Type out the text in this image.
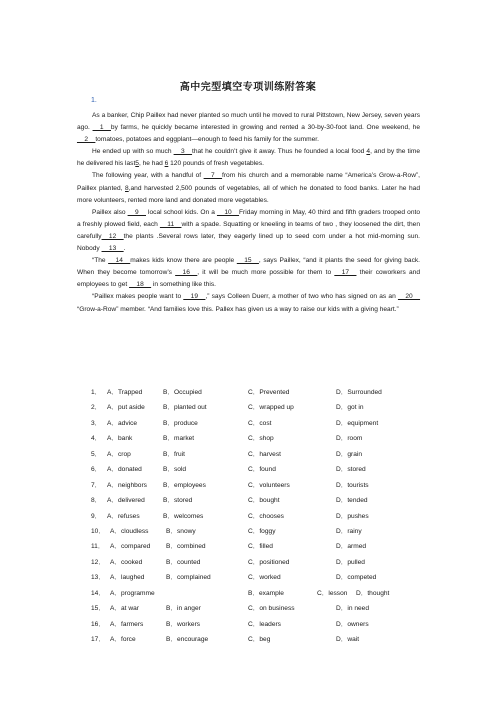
高中完型填空专项训练附答案
1.

As a banker, Chip Paillex had never planted so much until he moved to rural Pittstown, New Jersey, seven years ago. __1__by farms, he quickly became interested in growing and rented a 30-by-30-foot land. One weekend, he __2__tomatoes, potatoes and eggplant—enough to feed his family for the summer.

He ended up with so much __3__that he couldn’t give it away. Thus he founded a local food 4, and by the time he delivered his last5, he had 6 120 pounds of fresh vegetables.

The following year, with a handful of __7__from his church and a memorable name “America’s Grow-a-Row”, Paillex planted, 8,and harvested 2,500 pounds of vegetables, all of which he donated to food banks. Later he had more volunteers, rented more land and donated more vegetables.

Paillex also __9__ local school kids. On a __10__Friday morning in May, 40 third and fifth graders trooped onto a freshly plowed field, each __11__with a spade. Squatting or kneeling in teams of two , they loosened the dirt, then carefully__12__the plants .Several rows later, they eagerly lined up to seed corn under a hot mid-morning sun. Nobody __13__.

“The __14__makes kids know there are people __15__, says Paillex, “and it plants the seed for giving back. When they become tomorrow’s __16__, it will be much more possible for them to __17__ their coworkers and employees to get __18__ in something like this.

“Paillex makes people want to __19__,” says Colleen Duerr, a mother of two who has signed on as an __20__ “Grow-a-Row” member. “And families love this. Pallex has given us a way to raise our kids with a giving heart.”

1． A．Trapped	B．Occupied	C．Prevented	D．Surrounded
2． A．put aside	B．planted out	C．wrapped up	D．got in
3． A．advice	B．produce	C．cost	D．equipment
4． A．bank	B．market	C．shop	D．room
5． A．crop	B．fruit	C．harvest	D．grain
6． A．donated	B．sold	C．found	D．stored
7． A．neighbors B．employees	C．volunteers	D．tourists
8． A．delivered	B．stored	C．bought	D．tended
9． A．refuses	B．welcomes	C．chooses	D．pushes
10． A．cloudless	B．snowy	C．foggy	D．rainy
11． A．compared B．combined	C．filled	D．armed
12． A．cooked	B．counted	C．positioned	D．pulled
13． A．laughed	B．complained	C．worked	D．competed
14． A．programme	B．example	C．lesson D．thought
15． A．at war	B．in anger	C．on business	D．in need
16． A．farmers	B．workers	C．leaders	D．owners
17． A．force	B．encourage	C．beg	D．wait
